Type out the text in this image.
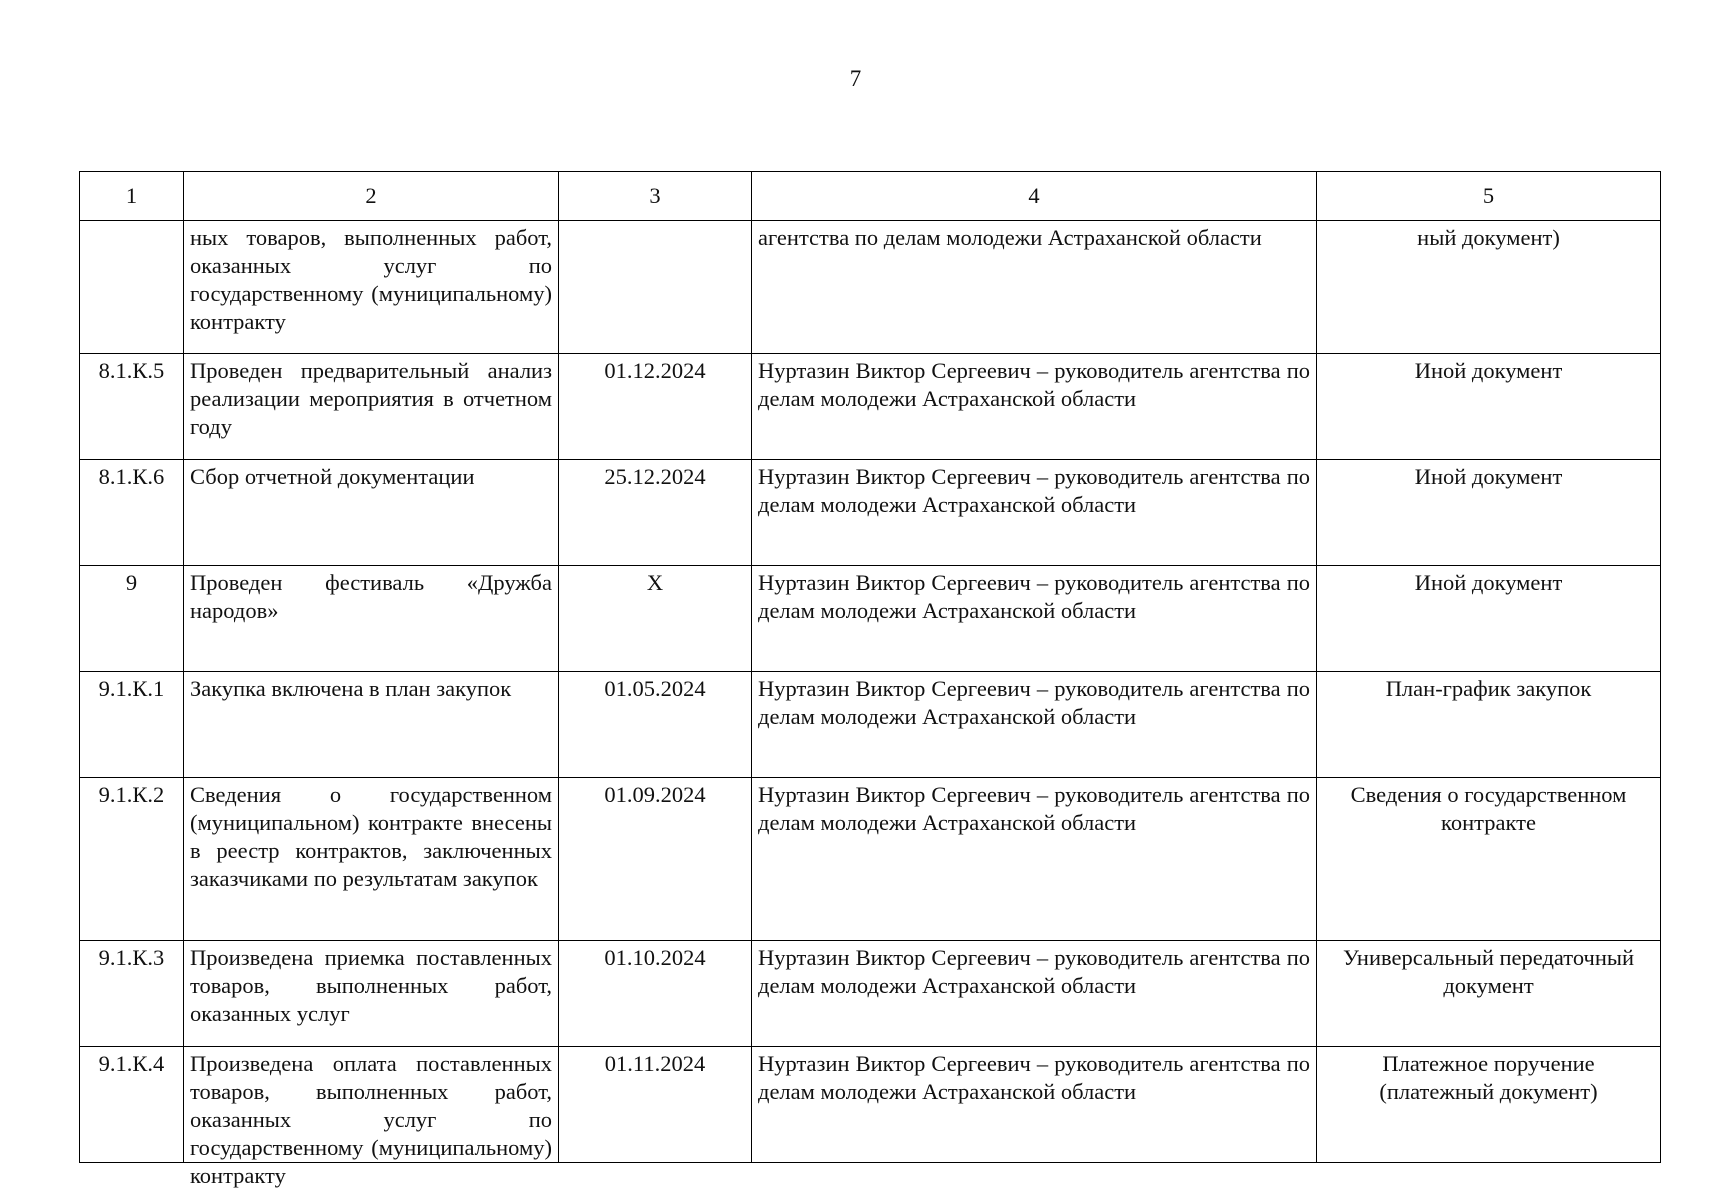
7
1	2	3	4	5
	ных товаров, выполненных работ, оказанных услуг по государственному (муниципальному) контракту		агентства по делам молодежи Астраханской области	ный документ)
8.1.К.5	Проведен предварительный анализ реализации мероприятия в отчетном году	01.12.2024	Нуртазин Виктор Сергеевич – руководитель агентства по делам молодежи Астраханской области	Иной документ
8.1.К.6	Сбор отчетной документации	25.12.2024	Нуртазин Виктор Сергеевич – руководитель агентства по делам молодежи Астраханской области	Иной документ
9	Проведен фестиваль «Дружба народов»	X	Нуртазин Виктор Сергеевич – руководитель агентства по делам молодежи Астраханской области	Иной документ
9.1.К.1	Закупка включена в план закупок	01.05.2024	Нуртазин Виктор Сергеевич – руководитель агентства по делам молодежи Астраханской области	План-график закупок
9.1.К.2	Сведения о государственном (муниципальном) контракте внесены в реестр контрактов, заключенных заказчиками по результатам закупок	01.09.2024	Нуртазин Виктор Сергеевич – руководитель агентства по делам молодежи Астраханской области	Сведения о государственном контракте
9.1.К.3	Произведена приемка поставленных товаров, выполненных работ, оказанных услуг	01.10.2024	Нуртазин Виктор Сергеевич – руководитель агентства по делам молодежи Астраханской области	Универсальный передаточный документ
9.1.К.4	Произведена оплата поставленных товаров, выполненных работ, оказанных услуг по государственному (муниципальному) контракту	01.11.2024	Нуртазин Виктор Сергеевич – руководитель агентства по делам молодежи Астраханской области	Платежное поручение (платежный документ)
